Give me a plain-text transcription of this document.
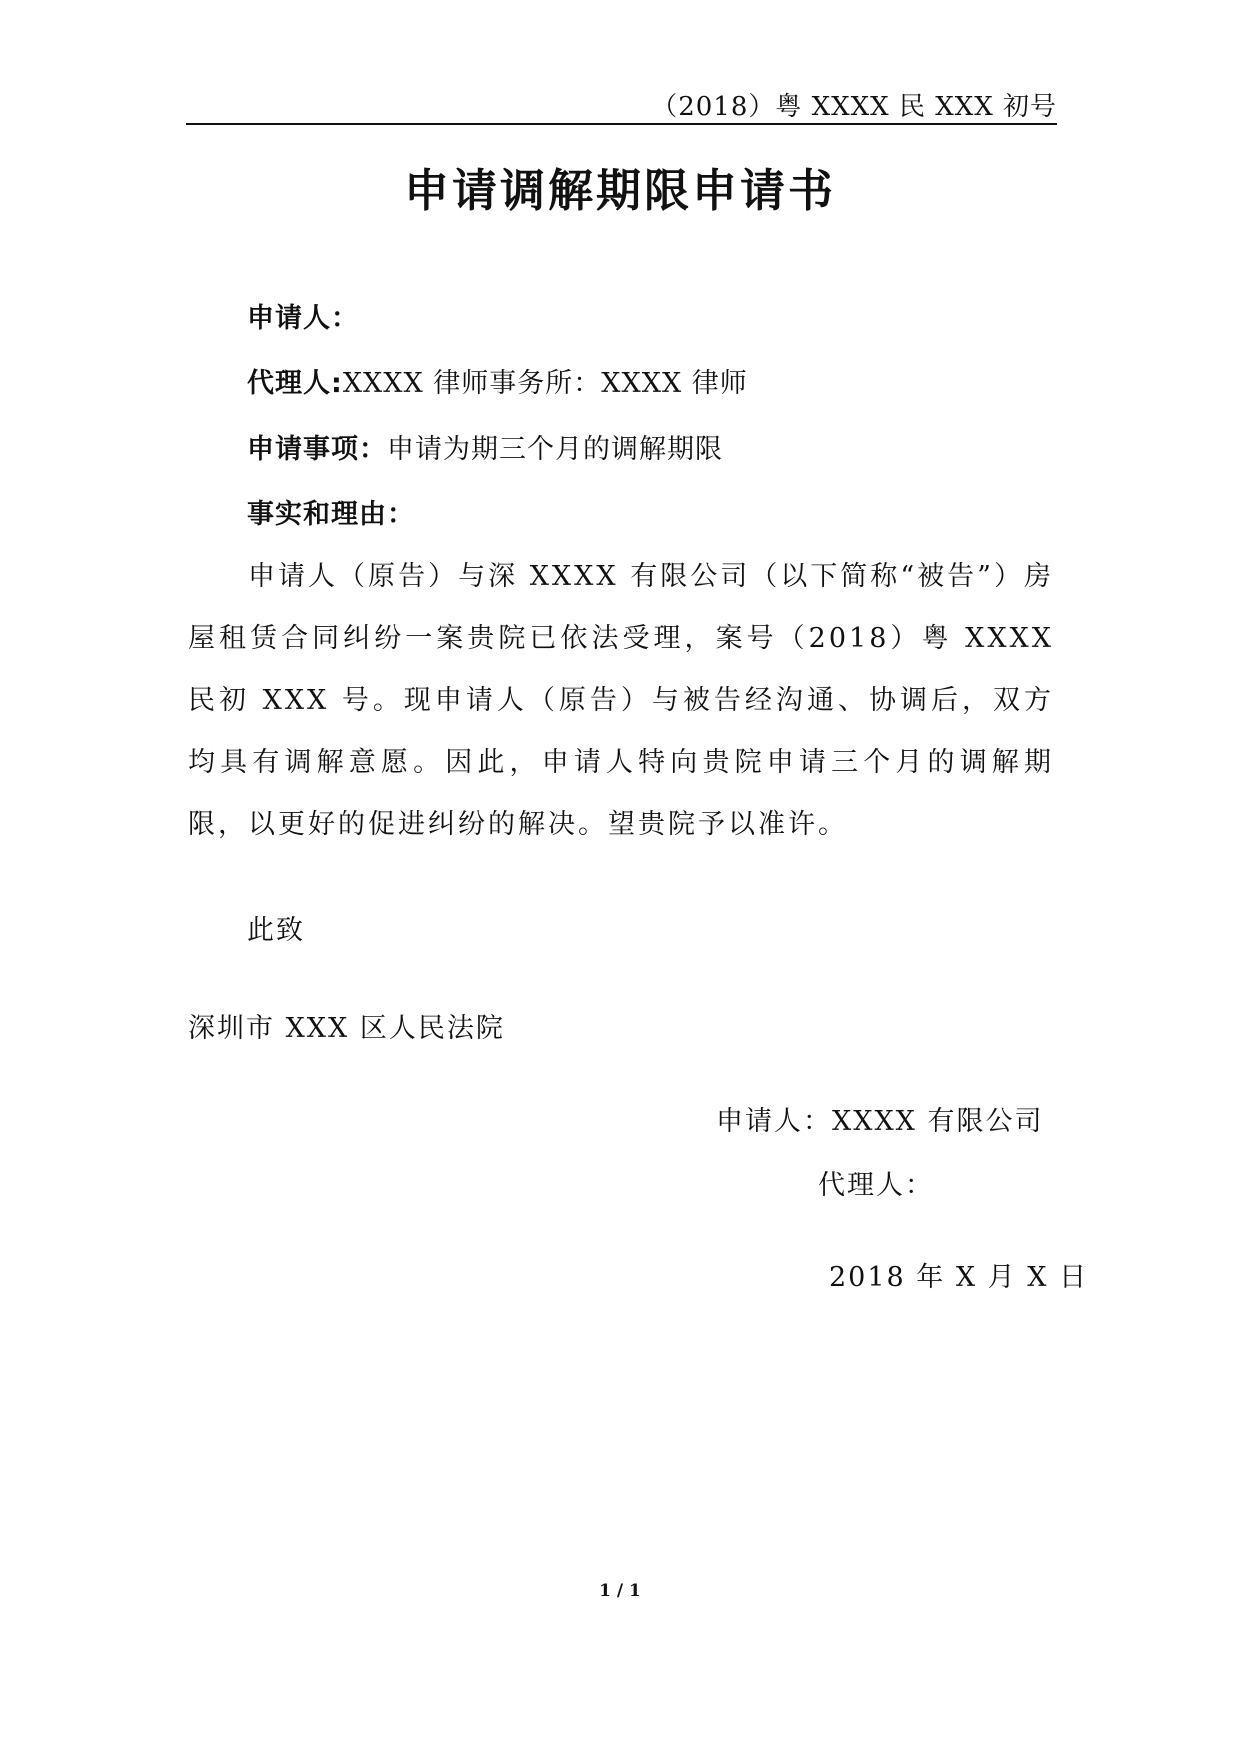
（2018）粤 XXXX 民 XXX 初号
申请调解期限申请书
申请人：
代理人:XXXX 律师事务所：XXXX 律师
申请事项：申请为期三个月的调解期限
事实和理由：

申请人（原告）与深 XXXX 有限公司（以下简称“被告”）房屋租赁合同纠纷一案贵院已依法受理，案号（2018）粤 XXXX 民初 XXX 号。现申请人（原告）与被告经沟通、协调后，双方均具有调解意愿。因此，申请人特向贵院申请三个月的调解期限，以更好的促进纠纷的解决。望贵院予以准许。

此致
深圳市 XXX 区人民法院
申请人：XXXX 有限公司
代理人：
2018 年 X 月 X 日
1 / 1
